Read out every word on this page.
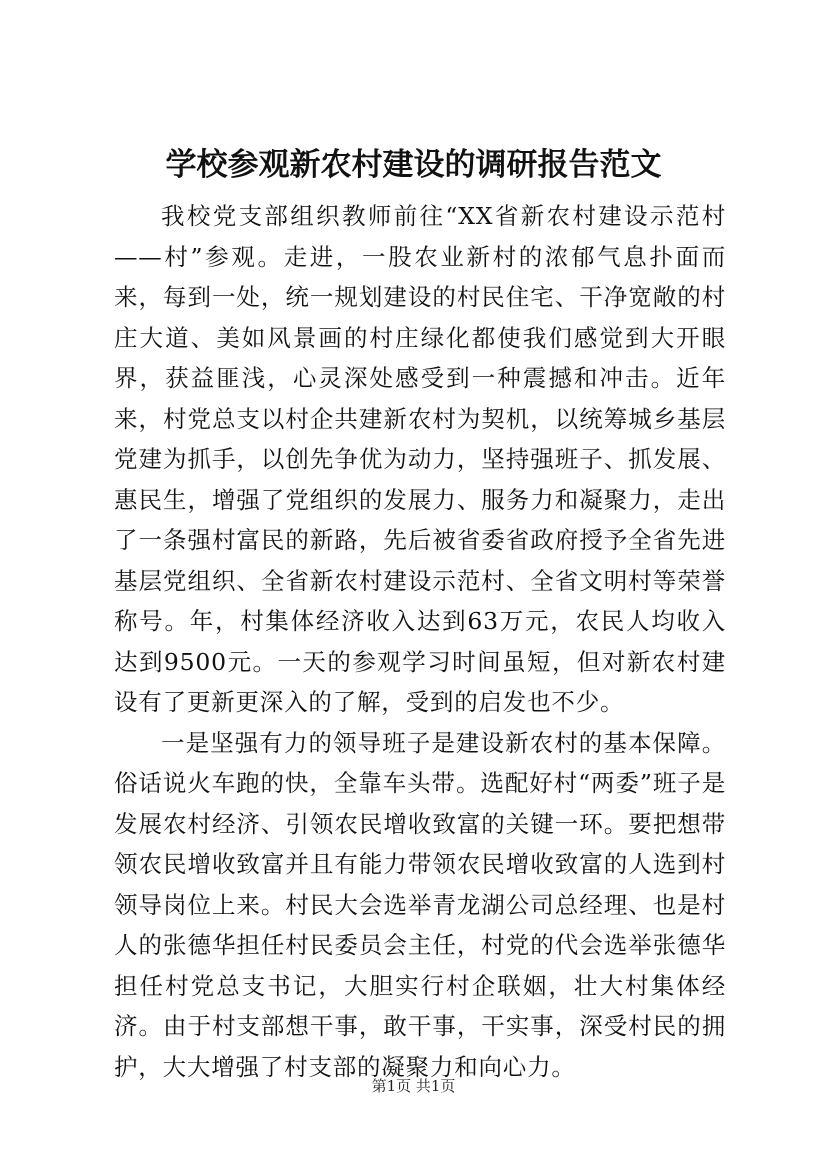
学校参观新农村建设的调研报告范文

我校党支部组织教师前往“XX省新农村建设示范村——村”参观。走进，一股农业新村的浓郁气息扑面而来，每到一处，统一规划建设的村民住宅、干净宽敞的村庄大道、美如风景画的村庄绿化都使我们感觉到大开眼界，获益匪浅，心灵深处感受到一种震撼和冲击。近年来，村党总支以村企共建新农村为契机，以统筹城乡基层党建为抓手，以创先争优为动力，坚持强班子、抓发展、惠民生，增强了党组织的发展力、服务力和凝聚力，走出了一条强村富民的新路，先后被省委省政府授予全省先进基层党组织、全省新农村建设示范村、全省文明村等荣誉称号。年，村集体经济收入达到63万元，农民人均收入达到9500元。一天的参观学习时间虽短，但对新农村建设有了更新更深入的了解，受到的启发也不少。

一是坚强有力的领导班子是建设新农村的基本保障。俗话说火车跑的快，全靠车头带。选配好村“两委”班子是发展农村经济、引领农民增收致富的关键一环。要把想带领农民增收致富并且有能力带领农民增收致富的人选到村领导岗位上来。村民大会选举青龙湖公司总经理、也是村人的张德华担任村民委员会主任，村党的代会选举张德华担任村党总支书记，大胆实行村企联姻，壮大村集体经济。由于村支部想干事，敢干事，干实事，深受村民的拥护，大大增强了村支部的凝聚力和向心力。

第1页 共1页
